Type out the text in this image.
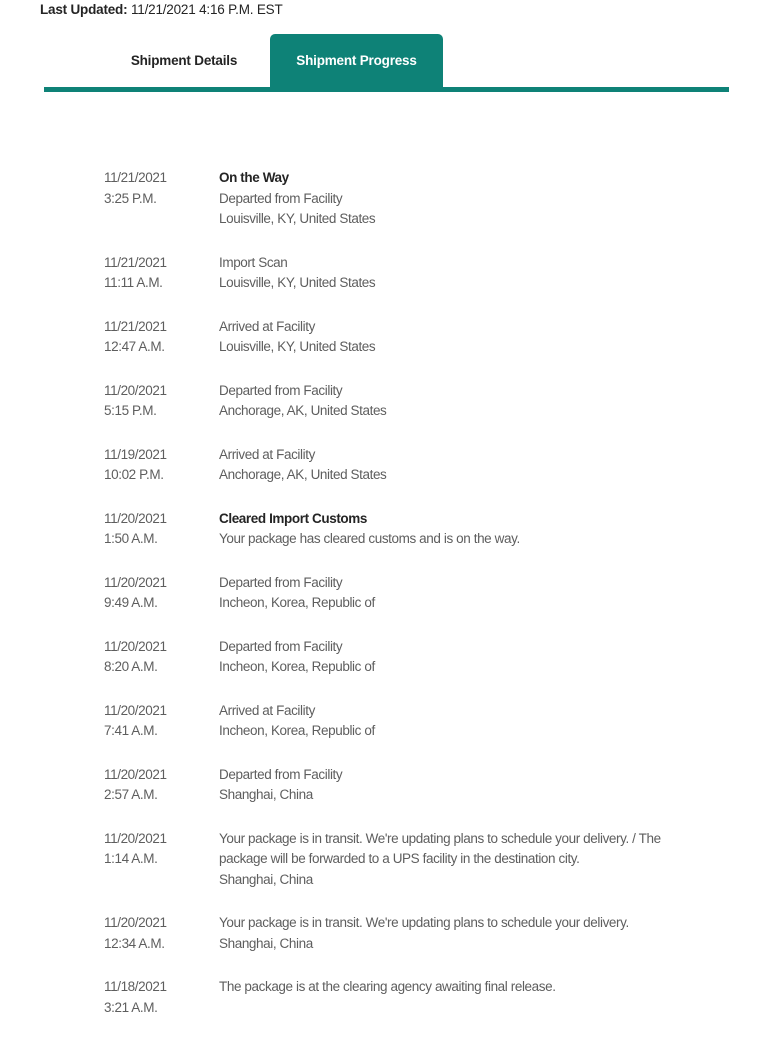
Last Updated: 11/21/2021 4:16 P.M. EST
Shipment Details	Shipment Progress
11/21/2021
3:25 P.M.
On the Way
Departed from Facility
Louisville, KY, United States
11/21/2021
11:11 A.M.
Import Scan
Louisville, KY, United States
11/21/2021
12:47 A.M.
Arrived at Facility
Louisville, KY, United States
11/20/2021
5:15 P.M.
Departed from Facility
Anchorage, AK, United States
11/19/2021
10:02 P.M.
Arrived at Facility
Anchorage, AK, United States
11/20/2021
1:50 A.M.
Cleared Import Customs
Your package has cleared customs and is on the way.
11/20/2021
9:49 A.M.
Departed from Facility
Incheon, Korea, Republic of
11/20/2021
8:20 A.M.
Departed from Facility
Incheon, Korea, Republic of
11/20/2021
7:41 A.M.
Arrived at Facility
Incheon, Korea, Republic of
11/20/2021
2:57 A.M.
Departed from Facility
Shanghai, China
11/20/2021
1:14 A.M.
Your package is in transit. We're updating plans to schedule your delivery. / The package will be forwarded to a UPS facility in the destination city.
Shanghai, China
11/20/2021
12:34 A.M.
Your package is in transit. We're updating plans to schedule your delivery.
Shanghai, China
11/18/2021
3:21 A.M.
The package is at the clearing agency awaiting final release.
